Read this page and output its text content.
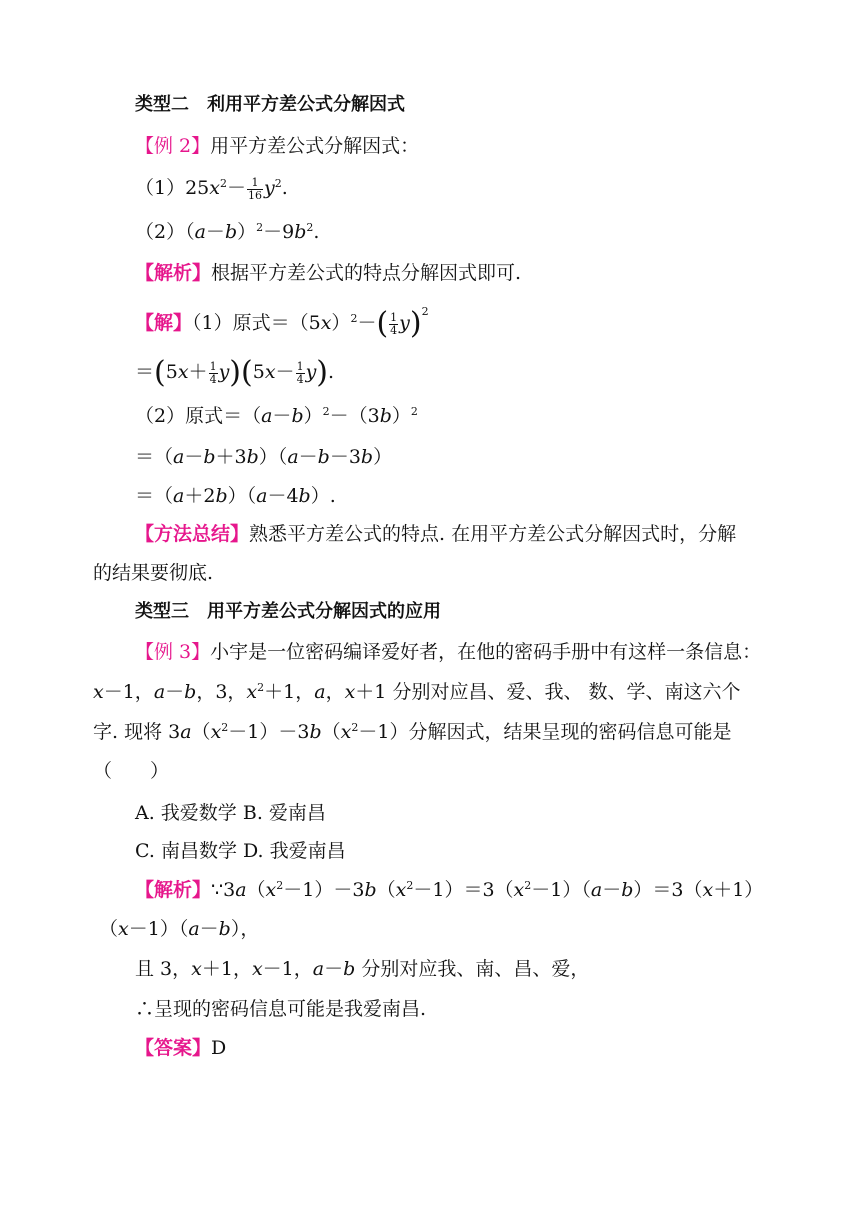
类型二　利用平方差公式分解因式
【例 2】用平方差公式分解因式：
$(1)25x^2- \frac{1}{16} y^2$.
$(2)(a-b)^2-9b^2$.
【解析】根据平方差公式的特点分解因式即可.
【解】（1）原式$=(5x)^2-( \frac{1}{4} y)^2$
$=(5x+ \frac{1}{4} y)(5x- \frac{1}{4} y)$.
（2）原式$=(a-b)^2-(3b)^2$
＝（a－b＋3b）（a－b－3b）
＝（a＋2b）（a－4b）.
【方法总结】熟悉平方差公式的特点. 在用平方差公式分解因式时，分解
的结果要彻底.
类型三　用平方差公式分解因式的应用
【例 3】小宇是一位密码编译爱好者，在他的密码手册中有这样一条信息：
x－1，a－b，3，$x^2+1$，a，x＋1 分别对应昌、爱、我、 数、学、南这六个
字. 现将 $3a(x^2-1)-3b(x^2-1)$分解因式，结果呈现的密码信息可能是
（　　）
A. 我爱数学 B. 爱南昌
C. 南昌数学 D. 我爱南昌
【解析】$\because 3a(x^2-1)-3b(x^2-1)=3(x^2-1)(a-b)=3(x+1)$
（x－1）（a－b），
且 3，x＋1，x－1，a－b 分别对应我、南、昌、爱，
∴呈现的密码信息可能是我爱南昌.
【答案】D
